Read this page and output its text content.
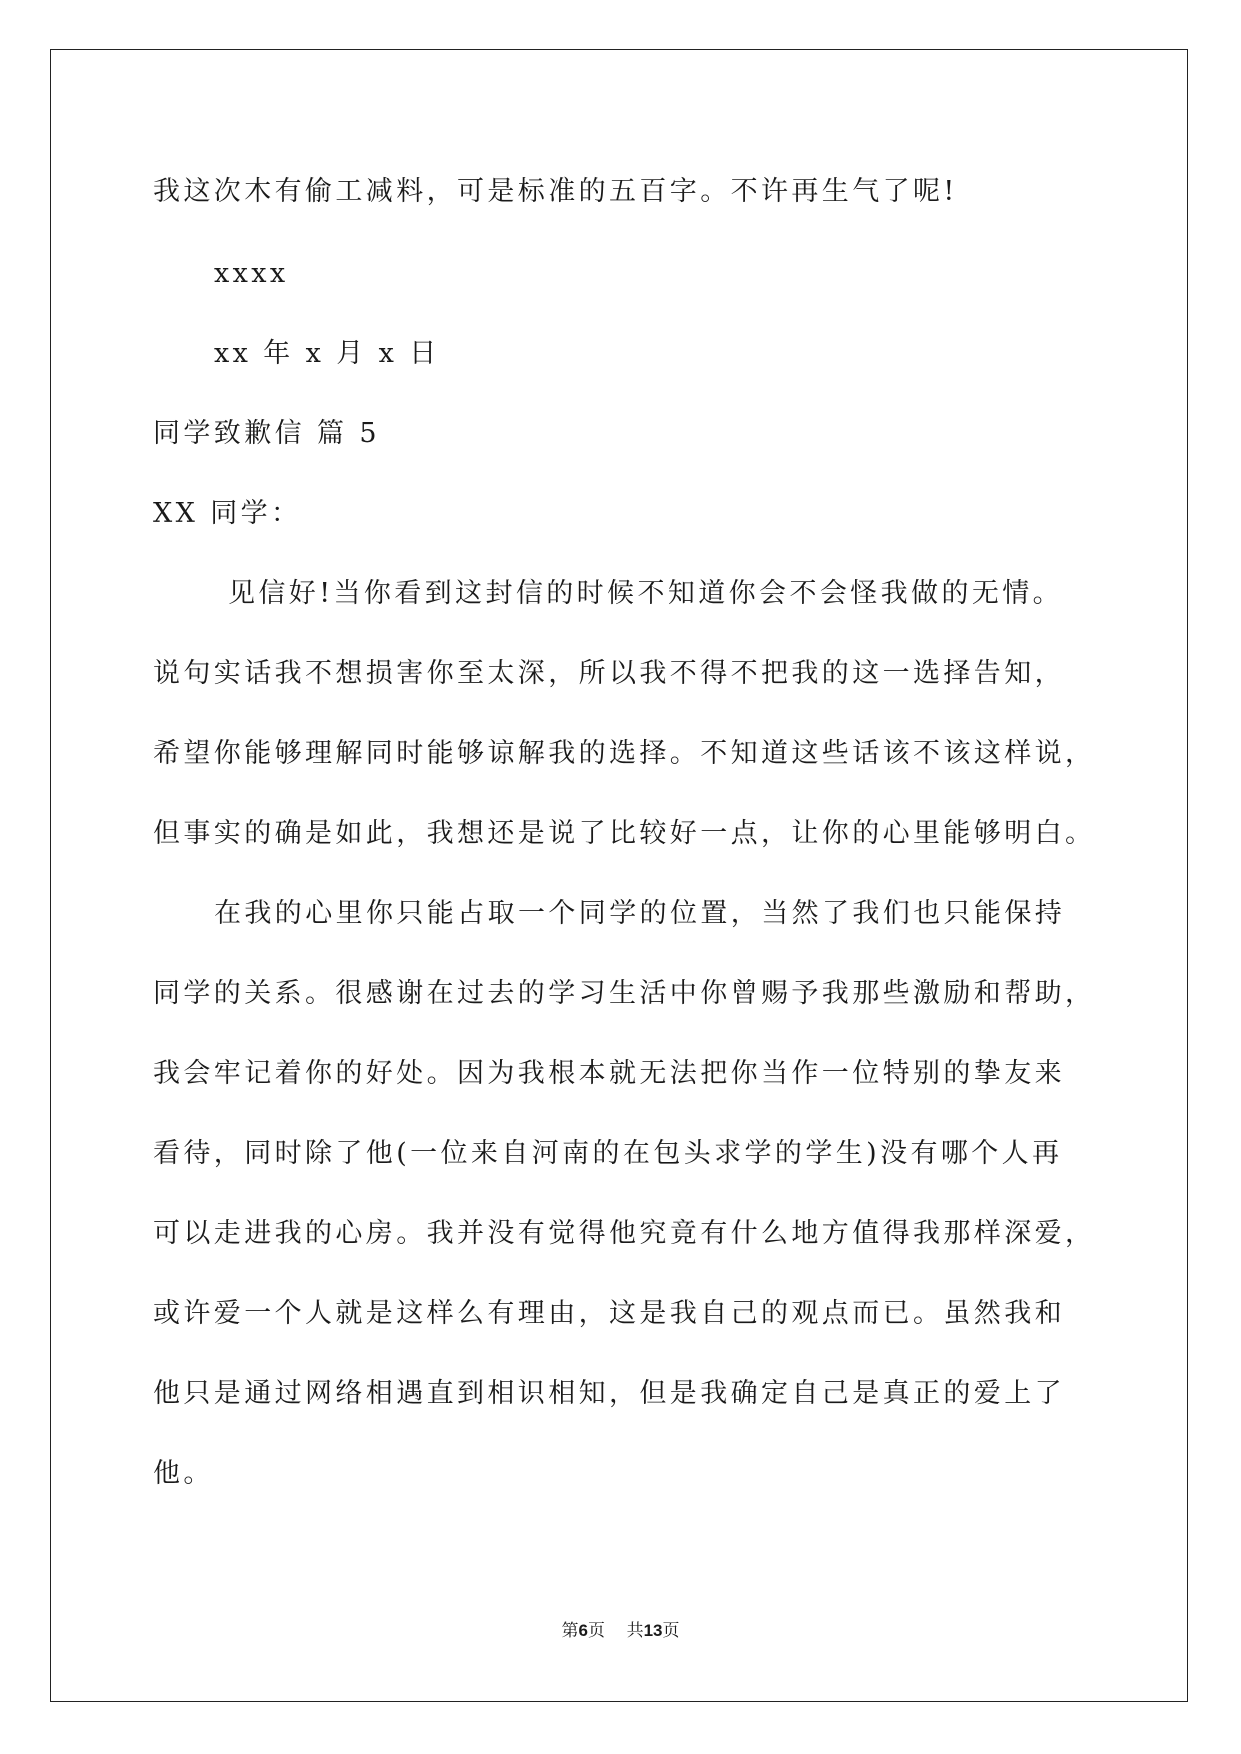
我这次木有偷工减料，可是标准的五百字。不许再生气了呢!

xxxx

xx 年 x 月 x 日

同学致歉信 篇 5

XX 同学：

见信好!当你看到这封信的时候不知道你会不会怪我做的无情。

说句实话我不想损害你至太深，所以我不得不把我的这一选择告知，

希望你能够理解同时能够谅解我的选择。不知道这些话该不该这样说，

但事实的确是如此，我想还是说了比较好一点，让你的心里能够明白。

在我的心里你只能占取一个同学的位置，当然了我们也只能保持

同学的关系。很感谢在过去的学习生活中你曾赐予我那些激励和帮助，

我会牢记着你的好处。因为我根本就无法把你当作一位特别的挚友来

看待，同时除了他(一位来自河南的在包头求学的学生)没有哪个人再

可以走进我的心房。我并没有觉得他究竟有什么地方值得我那样深爱，

或许爱一个人就是这样么有理由，这是我自己的观点而已。虽然我和

他只是通过网络相遇直到相识相知，但是我确定自己是真正的爱上了

他。

第6页 共13页
